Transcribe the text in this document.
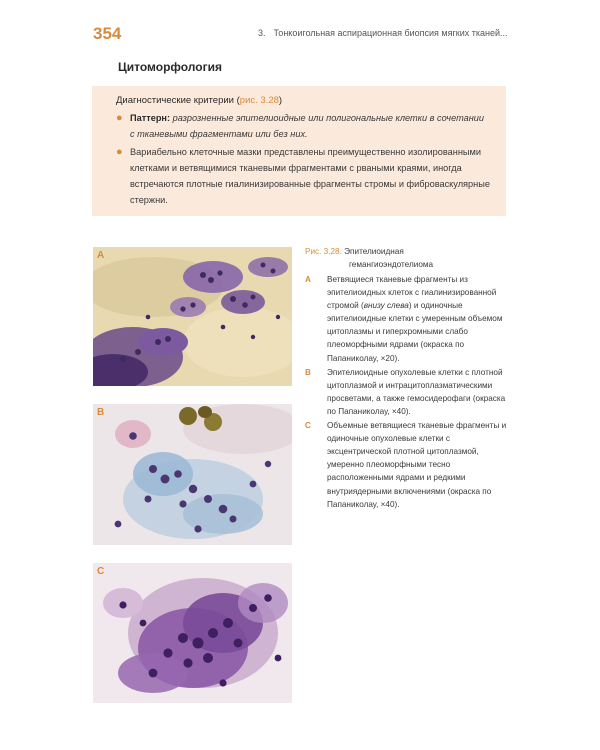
354	3. Тонкоигольная аспирационная биопсия мягких тканей...
Цитоморфология
Диагностические критерии (рис. 3.28)
● Паттерн: разрозненные эпителиоидные или полигональные клетки в сочетании с тканевыми фрагментами или без них.
● Вариабельно клеточные мазки представлены преимущественно изолированными клетками и ветвящимися тканевыми фрагментами с рваными краями, иногда встречаются плотные гиалинизированные фрагменты стромы и фиброваскулярные стержни.
A
B
C
Рис. 3.28. Эпителиоидная
гемангиоэндотелиома
A Ветвящиеся тканевые фрагменты из эпителиоидных клеток с гиалинизированной стромой (внизу слева) и одиночные эпителиоидные клетки с умеренным объемом цитоплазмы и гиперхромными слабо плеоморфными ядрами (окраска по Папаниколау, ×20).
B Эпителиоидные опухолевые клетки с плотной цитоплазмой и интрацитоплазматическими просветами, а также гемосидерофаги (окраска по Папаниколау, ×40).
C Объемные ветвящиеся тканевые фрагменты и одиночные опухолевые клетки с эксцентрической плотной цитоплазмой, умеренно плеоморфными тесно расположенными ядрами и редкими внутриядерными включениями (окраска по Папаниколау, ×40).
